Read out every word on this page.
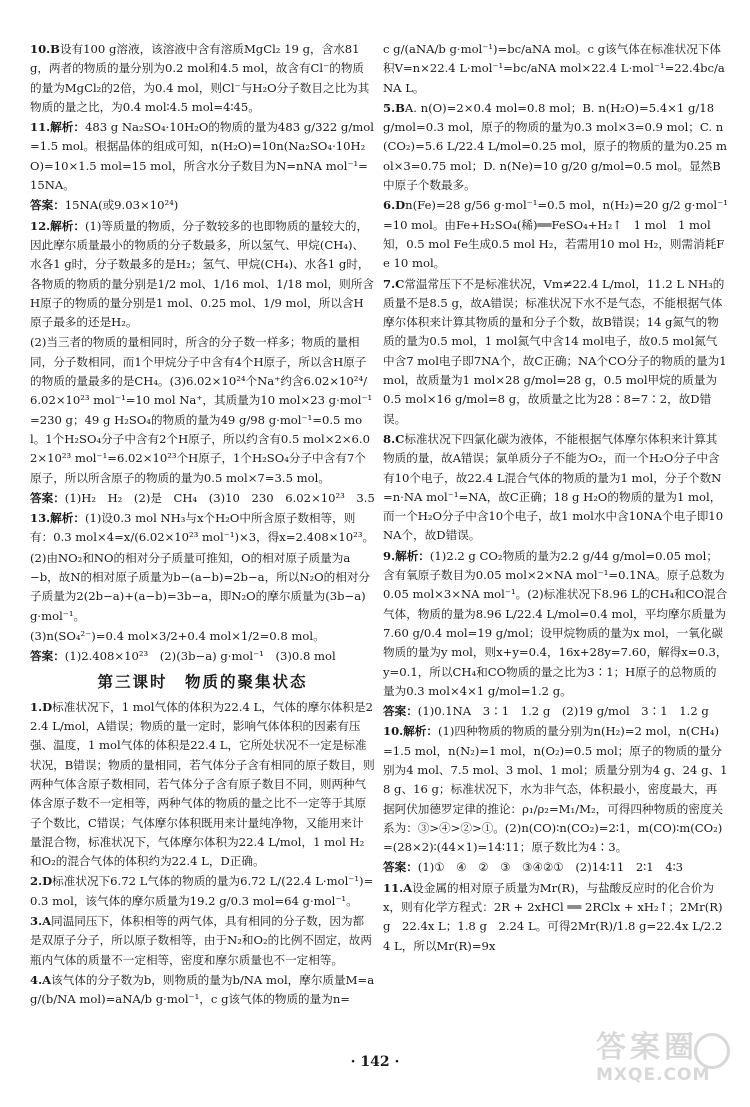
10.B设有100 g溶液，该溶液中含有溶质MgCl₂ 19 g，含水81 g，两者的物质的量分别为0.2 mol和4.5 mol，故含有Cl⁻的物质的量为MgCl₂的2倍，为0.4 mol，则Cl⁻与H₂O分子数目之比为其物质的量之比，为0.4 mol∶4.5 mol=4∶45。
11.解析：483 g Na₂SO₄·10H₂O的物质的量为483 g/322 g/mol=1.5 mol。根据晶体的组成可知，n(H₂O)=10n(Na₂SO₄·10H₂O)=10×1.5 mol=15 mol，所含水分子数目为N=nNA mol⁻¹=15NA。
答案：15NA(或9.03×10²⁴)
12.解析：(1)等质量的物质，分子数较多的也即物质的量较大的，因此摩尔质量最小的物质的分子数最多，所以氢气、甲烷(CH₄)、水各1 g时，分子数最多的是H₂；氢气、甲烷(CH₄)、水各1 g时，各物质的物质的量分别是1/2 mol、1/16 mol、1/18 mol，则所含H原子的物质的量分别是1 mol、0.25 mol、1/9 mol，所以含H原子最多的还是H₂。
(2)当三者的物质的量相同时，所含的分子数一样多；物质的量相同，分子数相同，而1个甲烷分子中含有4个H原子，所以含H原子的物质的量最多的是CH₄。(3)6.02×10²⁴个Na⁺约含6.02×10²⁴/6.02×10²³ mol⁻¹=10 mol Na⁺，其质量为10 mol×23 g·mol⁻¹=230 g；49 g H₂SO₄的物质的量为49 g/98 g·mol⁻¹=0.5 mol。1个H₂SO₄分子中含有2个H原子，所以约含有0.5 mol×2×6.02×10²³ mol⁻¹=6.02×10²³个H原子，1个H₂SO₄分子中含有7个原子，所以所含原子的物质的量为0.5 mol×7=3.5 mol。
答案：(1)H₂　H₂　(2)是　CH₄　(3)10　230　6.02×10²³　3.5
13.解析：(1)设0.3 mol NH₃与x个H₂O中所含原子数相等，则有：0.3 mol×4=x/(6.02×10²³ mol⁻¹)×3，得x=2.408×10²³。
(2)由NO₂和NO的相对分子质量可推知，O的相对原子质量为a−b，故N的相对原子质量为b−(a−b)=2b−a，所以N₂O的相对分子质量为2(2b−a)+(a−b)=3b−a，即N₂O的摩尔质量为(3b−a) g·mol⁻¹。
(3)n(SO₄²⁻)=0.4 mol×3/2+0.4 mol×1/2=0.8 mol。
答案：(1)2.408×10²³　(2)(3b−a) g·mol⁻¹　(3)0.8 mol
第三课时　物质的聚集状态
1.D标准状况下，1 mol气体的体积为22.4 L，气体的摩尔体积是22.4 L/mol，A错误；物质的量一定时，影响气体体积的因素有压强、温度，1 mol气体的体积是22.4 L，它所处状况不一定是标准状况，B错误；物质的量相同，若气体分子含有相同的原子数目，则两种气体含原子数相同，若气体分子含有原子数目不同，则两种气体含原子数不一定相等，两种气体的物质的量之比不一定等于其原子个数比，C错误；气体摩尔体积既用来计量纯净物，又能用来计量混合物，标准状况下，气体摩尔体积为22.4 L/mol，1 mol H₂和O₂的混合气体的体积约为22.4 L，D正确。
2.D标准状况下6.72 L气体的物质的量为6.72 L/(22.4 L·mol⁻¹)=0.3 mol，该气体的摩尔质量为19.2 g/0.3 mol=64 g·mol⁻¹。
3.A同温同压下，体积相等的两气体，具有相同的分子数，因为都是双原子分子，所以原子数相等，由于N₂和O₂的比例不固定，故两瓶内气体的质量不一定相等，密度和摩尔质量也不一定相等。
4.A该气体的分子数为b，则物质的量为b/NA mol，摩尔质量M=a g/(b/NA mol)=aNA/b g·mol⁻¹，c g该气体的物质的量为n=
c g/(aNA/b g·mol⁻¹)=bc/aNA mol。c g该气体在标准状况下体积V=n×22.4 L·mol⁻¹=bc/aNA mol×22.4 L·mol⁻¹=22.4bc/aNA L。
5.BA. n(O)=2×0.4 mol=0.8 mol；B. n(H₂O)=5.4×1 g/18 g/mol=0.3 mol，原子的物质的量为0.3 mol×3=0.9 mol；C. n(CO₂)=5.6 L/22.4 L/mol=0.25 mol，原子的物质的量为0.25 mol×3=0.75 mol；D. n(Ne)=10 g/20 g/mol=0.5 mol。显然B中原子个数最多。
6.Dn(Fe)=28 g/56 g·mol⁻¹=0.5 mol，n(H₂)=20 g/2 g·mol⁻¹=10 mol。由Fe+H₂SO₄(稀)══FeSO₄+H₂↑　1 mol　1 mol　知，0.5 mol Fe生成0.5 mol H₂，若需用10 mol H₂，则需消耗Fe 10 mol。
7.C常温常压下不是标准状况，Vm≠22.4 L/mol，11.2 L NH₃的质量不是8.5 g，故A错误；标准状况下水不是气态，不能根据气体摩尔体积来计算其物质的量和分子个数，故B错误；14 g氮气的物质的量为0.5 mol，1 mol氮气中含14 mol电子，故0.5 mol氮气中含7 mol电子即7NA个，故C正确；NA个CO分子的物质的量为1 mol，故质量为1 mol×28 g/mol=28 g，0.5 mol甲烷的质量为0.5 mol×16 g/mol=8 g，故质量之比为28∶8=7∶2，故D错误。
8.C标准状况下四氯化碳为液体，不能根据气体摩尔体积来计算其物质的量，故A错误；氯单质分子不能为O₂，而一个H₂O分子中含有10个电子，故22.4 L混合气体的物质的量为1 mol，分子个数N=n·NA mol⁻¹=NA，故C正确；18 g H₂O的物质的量为1 mol，而一个H₂O分子中含10个电子，故1 mol水中含10NA个电子即10NA个，故D错误。
9.解析：(1)2.2 g CO₂物质的量为2.2 g/44 g/mol=0.05 mol；含有氧原子数目为0.05 mol×2×NA mol⁻¹=0.1NA。原子总数为0.05 mol×3×NA mol⁻¹。(2)标准状况下8.96 L的CH₄和CO混合气体，物质的量为8.96 L/22.4 L/mol=0.4 mol，平均摩尔质量为7.60 g/0.4 mol=19 g/mol；设甲烷物质的量为x mol，一氧化碳物质的量为y mol，则x+y=0.4，16x+28y=7.60，解得x=0.3，y=0.1，所以CH₄和CO物质的量之比为3∶1；H原子的总物质的量为0.3 mol×4×1 g/mol=1.2 g。
答案：(1)0.1NA　3∶1　1.2 g　(2)19 g/mol　3∶1　1.2 g
10.解析：(1)四种物质的物质的量分别为n(H₂)=2 mol，n(CH₄)=1.5 mol，n(N₂)=1 mol，n(O₂)=0.5 mol；原子的物质的量分别为4 mol、7.5 mol、3 mol、1 mol；质量分别为4 g、24 g、18 g、16 g；标准状况下，水为非气态，体积最小，密度最大，再据阿伏加德罗定律的推论：ρ₁/ρ₂=M₁/M₂，可得四种物质的密度关系为：③>④>②>①。(2)n(CO)∶n(CO₂)=2∶1，m(CO)∶m(CO₂)=(28×2)∶(44×1)=14∶11；原子数比为4∶3。
答案：(1)①　④　②　③　③④②①　(2)14∶11　2∶1　4∶3
11.A设金属的相对原子质量为Mr(R)，与盐酸反应时的化合价为x，则有化学方程式：2R + 2xHCl ══ 2RClx + xH₂↑；2Mr(R) g　22.4x L；1.8 g　2.24 L。可得2Mr(R)/1.8 g=22.4x L/2.24 L，所以Mr(R)=9x
· 142 ·	答案圈
MXQE.COM
